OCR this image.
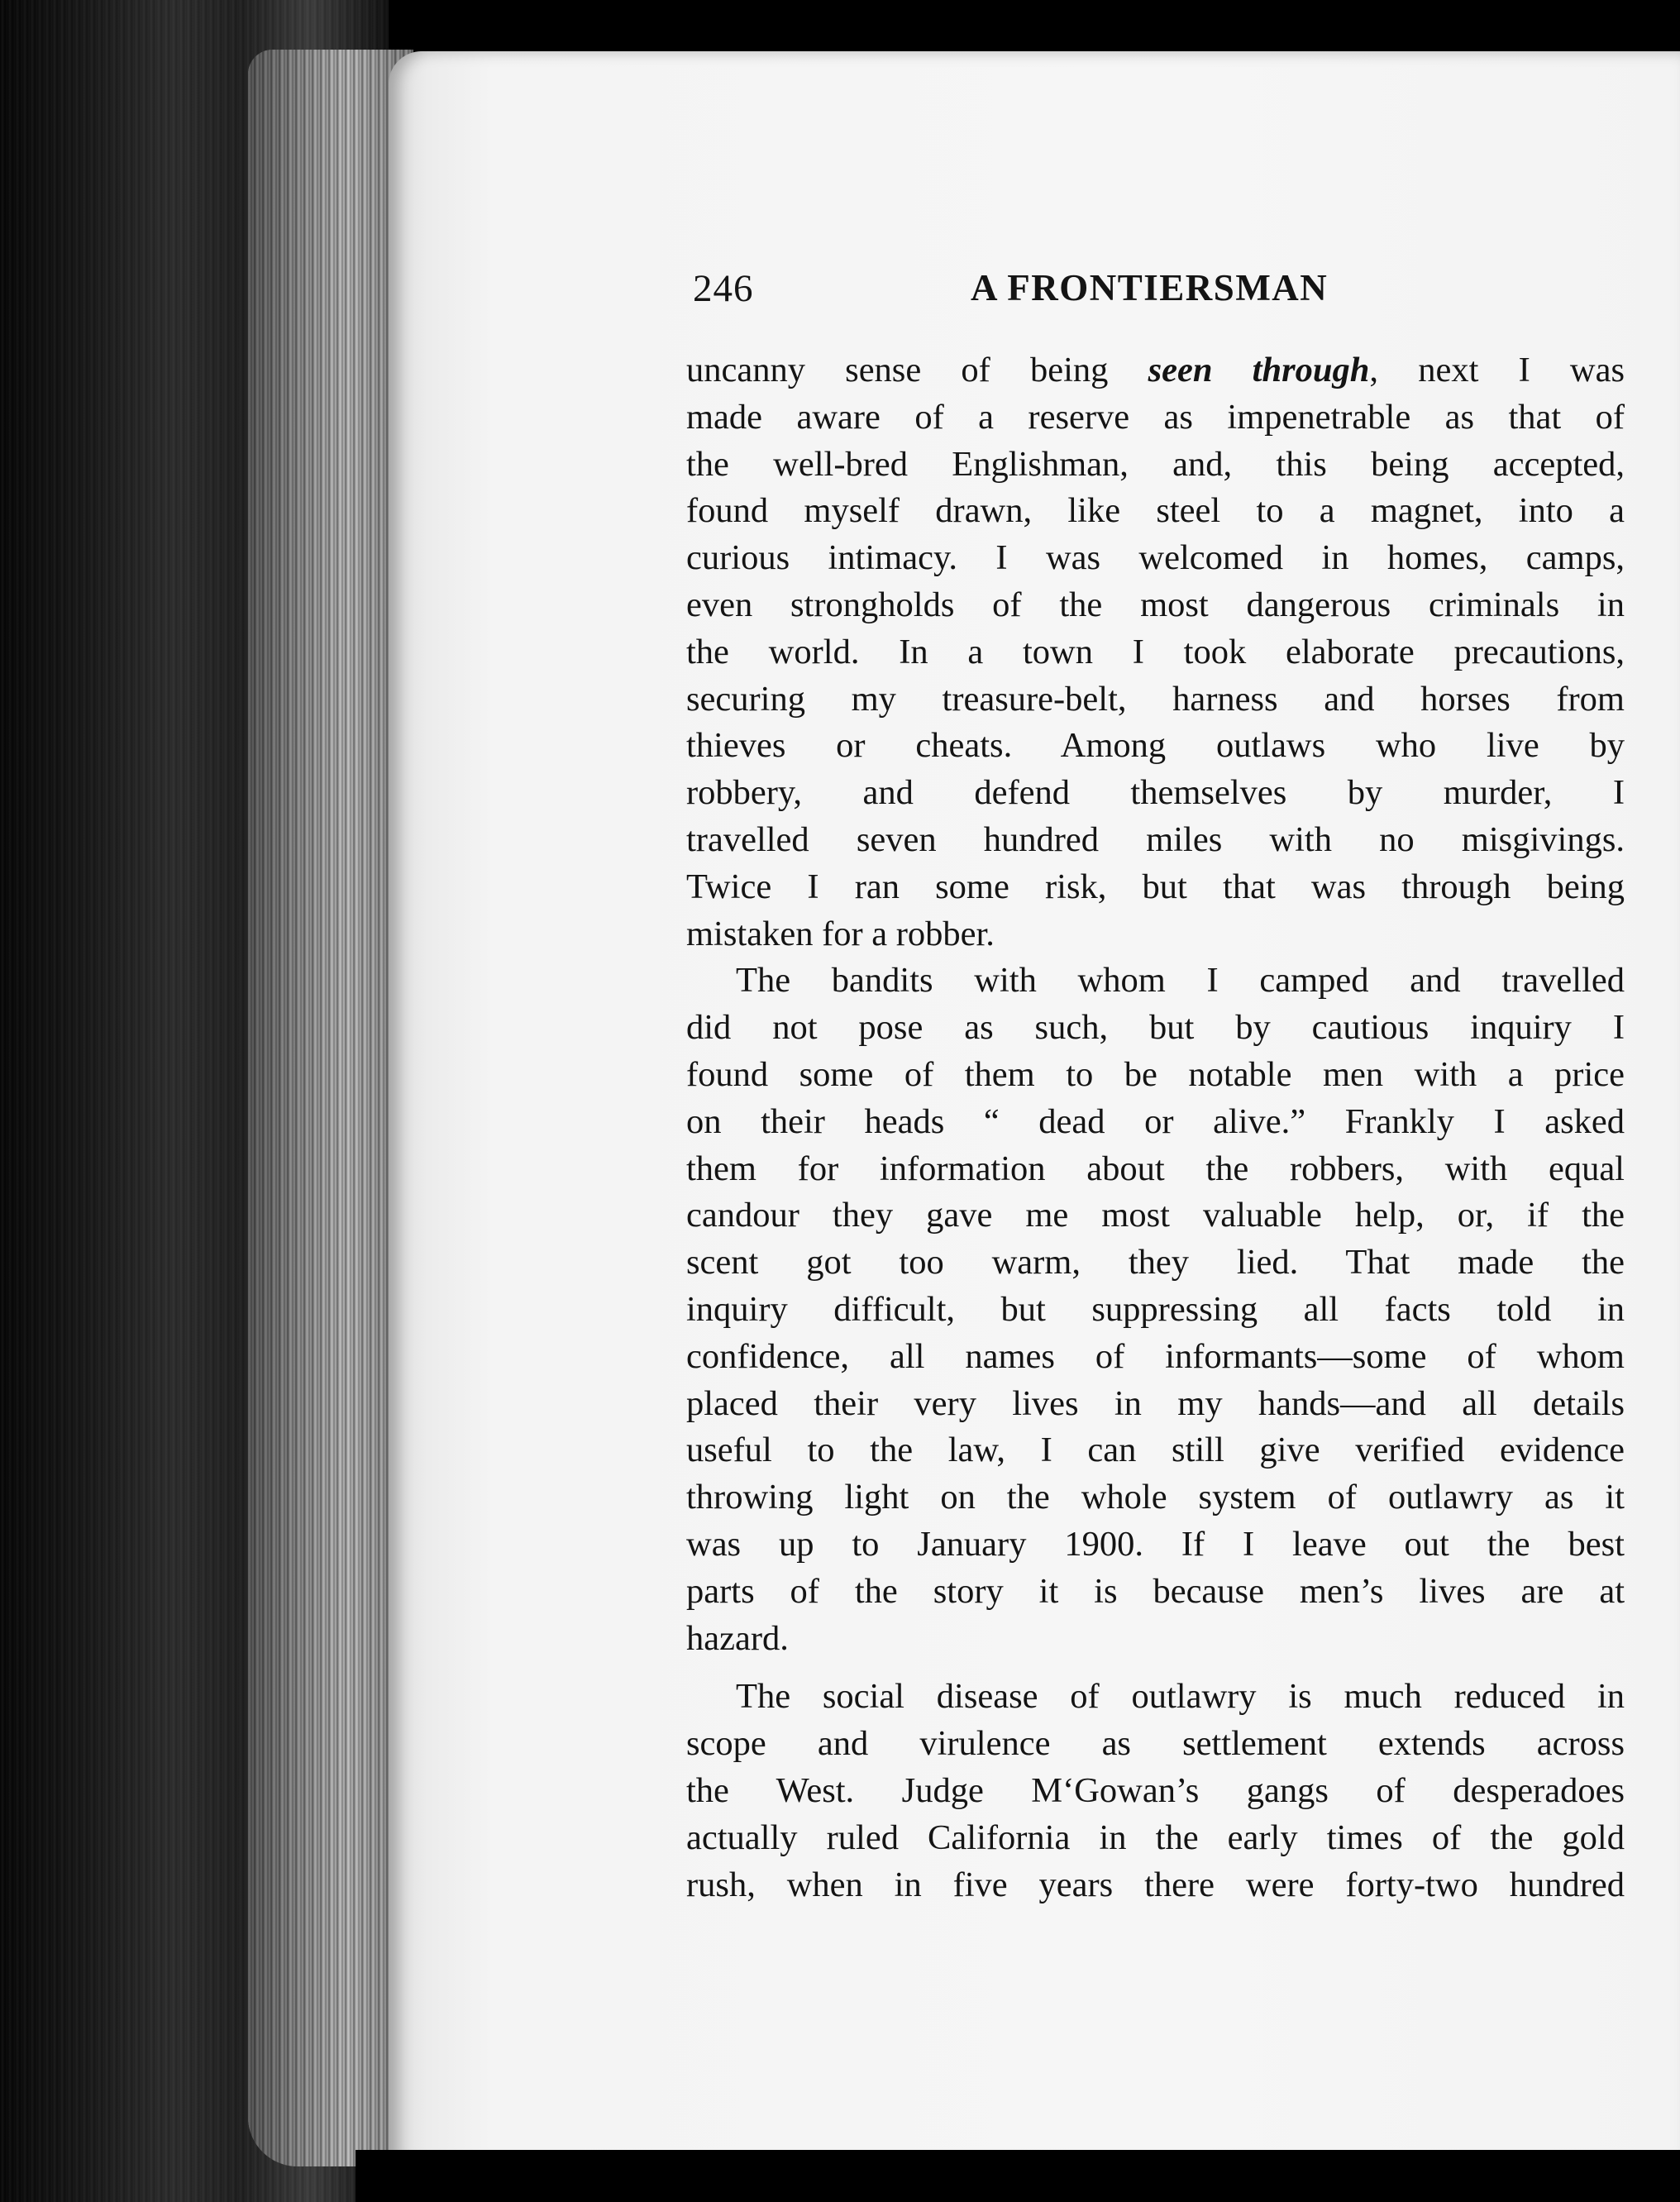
246	A FRONTIERSMAN
uncanny sense of being seen through, next I was
made aware of a reserve as impenetrable as that of
the well-bred Englishman, and, this being accepted,
found myself drawn, like steel to a magnet, into a
curious intimacy. I was welcomed in homes, camps,
even strongholds of the most dangerous criminals in
the world. In a town I took elaborate precautions,
securing my treasure-belt, harness and horses from
thieves or cheats. Among outlaws who live by
robbery, and defend themselves by murder, I
travelled seven hundred miles with no misgivings.
Twice I ran some risk, but that was through being
mistaken for a robber.
The bandits with whom I camped and travelled
did not pose as such, but by cautious inquiry I
found some of them to be notable men with a price
on their heads “ dead or alive.” Frankly I asked
them for information about the robbers, with equal
candour they gave me most valuable help, or, if the
scent got too warm, they lied. That made the
inquiry difficult, but suppressing all facts told in
confidence, all names of informants—some of whom
placed their very lives in my hands—and all details
useful to the law, I can still give verified evidence
throwing light on the whole system of outlawry as it
was up to January 1900. If I leave out the best
parts of the story it is because men’s lives are at
hazard.
The social disease of outlawry is much reduced in
scope and virulence as settlement extends across
the West. Judge M‘Gowan’s gangs of desperadoes
actually ruled California in the early times of the gold
rush, when in five years there were forty-two hundred
